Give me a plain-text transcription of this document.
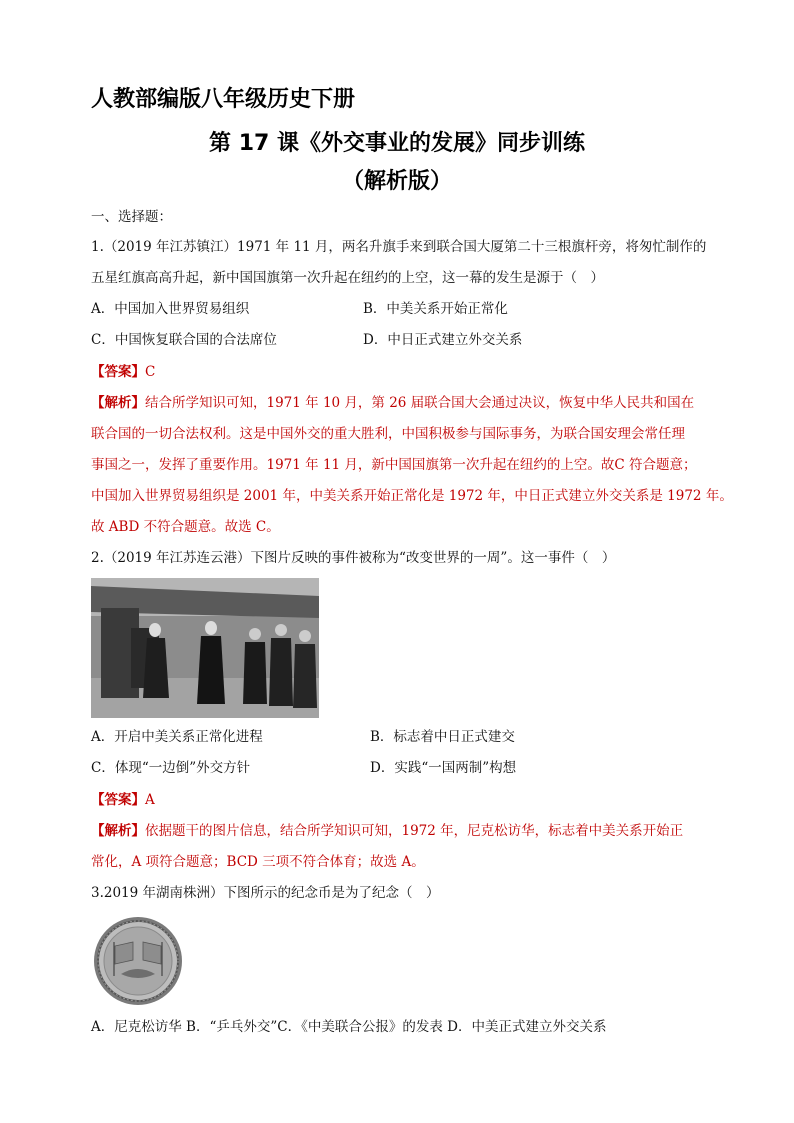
人教部编版八年级历史下册
第 17 课《外交事业的发展》同步训练
（解析版）
一、选择题：
1.（2019 年江苏镇江）1971 年 11 月，两名升旗手来到联合国大厦第二十三根旗杆旁，将匆忙制作的
五星红旗高高升起，新中国国旗第一次升起在纽约的上空，这一幕的发生是源于（　）
A．中国加入世界贸易组织	B．中美关系开始正常化
C．中国恢复联合国的合法席位	D．中日正式建立外交关系
【答案】C
【解析】结合所学知识可知，1971 年 10 月，第 26 届联合国大会通过决议，恢复中华人民共和国在
联合国的一切合法权利。这是中国外交的重大胜利，中国积极参与国际事务，为联合国安理会常任理
事国之一，发挥了重要作用。1971 年 11 月，新中国国旗第一次升起在纽约的上空。故C 符合题意；
中国加入世界贸易组织是 2001 年，中美关系开始正常化是 1972 年，中日正式建立外交关系是 1972 年。
故 ABD 不符合题意。故选 C。
2.（2019 年江苏连云港）下图片反映的事件被称为“改变世界的一周”。这一事件（　）
A．开启中美关系正常化进程	B．标志着中日正式建交
C．体现“一边倒”外交方针	D．实践“一国两制”构想
【答案】A
【解析】依据题干的图片信息，结合所学知识可知，1972 年，尼克松访华，标志着中美关系开始正
常化，A 项符合题意；BCD 三项不符合体育；故选 A。
3.2019 年湖南株洲）下图所示的纪念币是为了纪念（　）
A．尼克松访华 B．“乒乓外交”C．《中美联合公报》的发表 D．中美正式建立外交关系
